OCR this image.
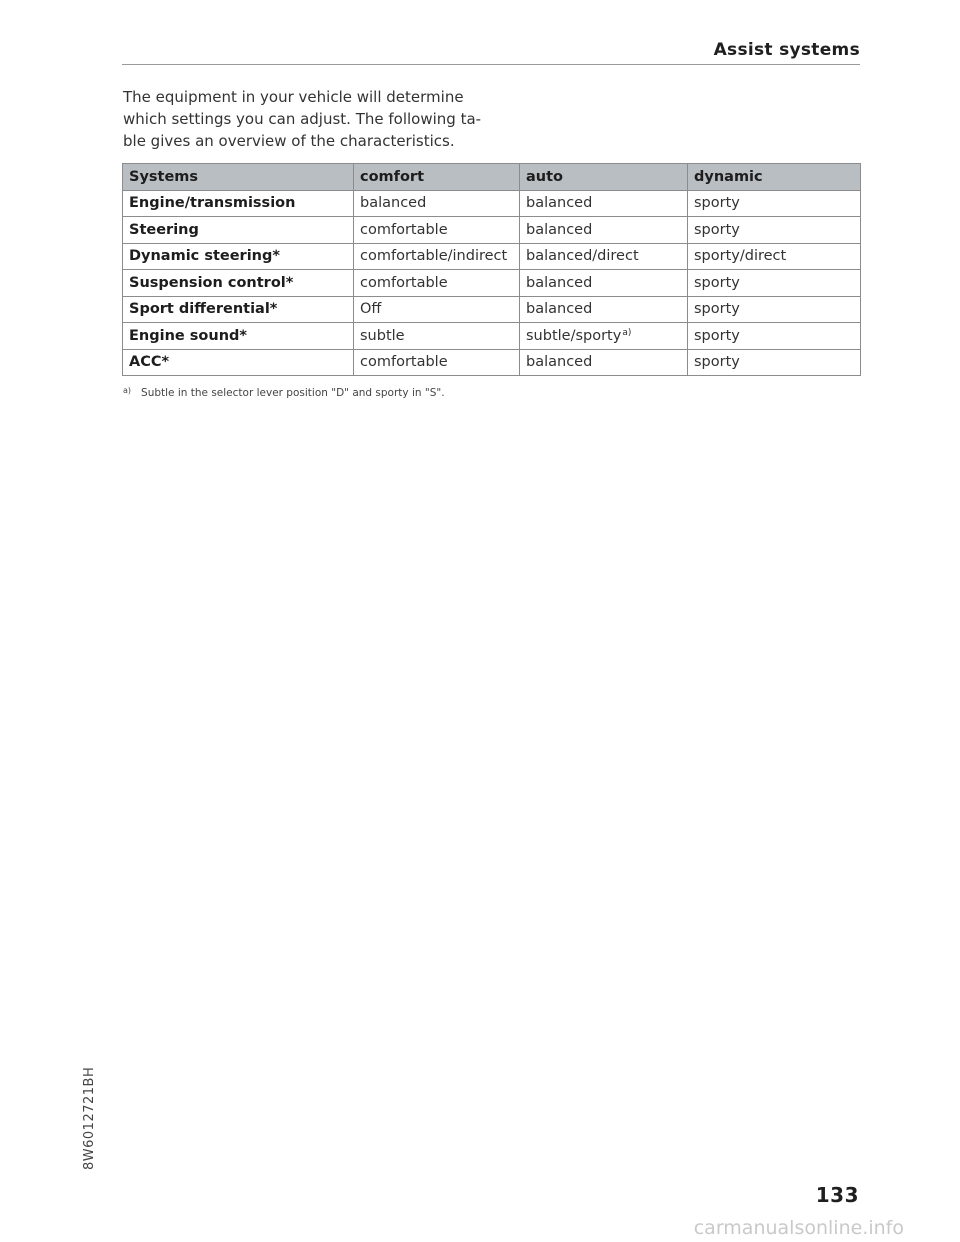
Assist systems

The equipment in your vehicle will determine
which settings you can adjust. The following ta-
ble gives an overview of the characteristics.

Systems	comfort	auto	dynamic
Engine/transmission	balanced	balanced	sporty
Steering	comfortable	balanced	sporty
Dynamic steering*	comfortable/indirect	balanced/direct	sporty/direct
Suspension control*	comfortable	balanced	sporty
Sport differential*	Off	balanced	sporty
Engine sound*	subtle	subtle/sporty$^{a)}$	sporty
ACC*	comfortable	balanced	sporty
$^{a)}$ Subtle in the selector lever position "D" and sporty in "S".
8W6012721BH
133
carmanualsonline.info
